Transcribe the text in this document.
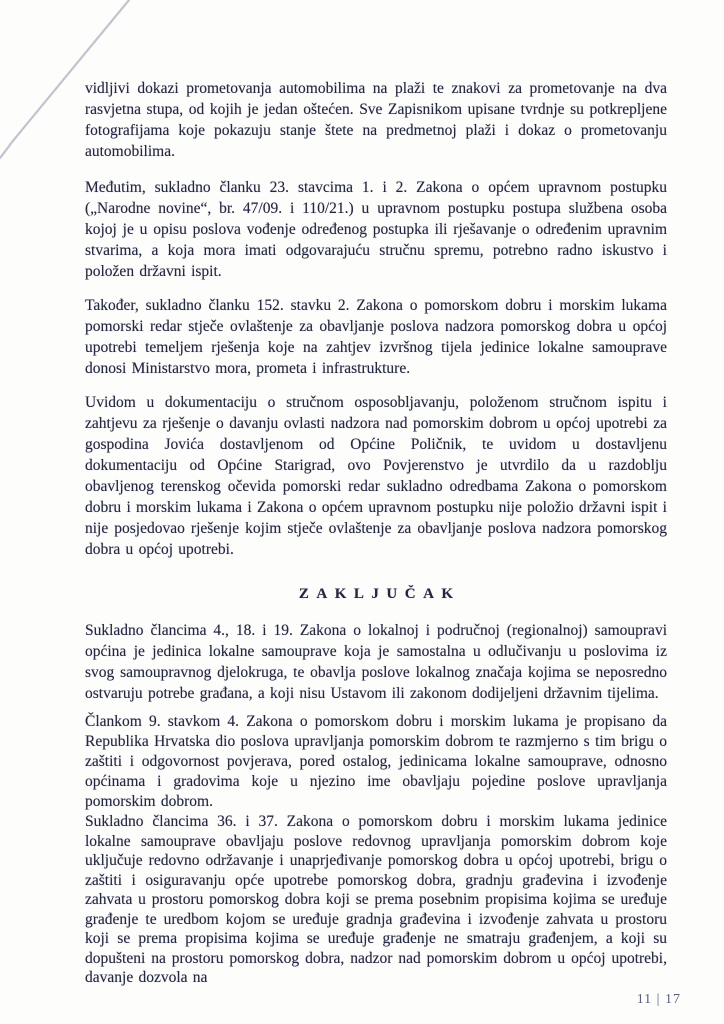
vidljivi dokazi prometovanja automobilima na plaži te znakovi za prometovanje na dva rasvjetna stupa, od kojih je jedan oštećen. Sve Zapisnikom upisane tvrdnje su potkrepljene fotografijama koje pokazuju stanje štete na predmetnoj plaži i dokaz o prometovanju automobilima.

Međutim, sukladno članku 23. stavcima 1. i 2. Zakona o općem upravnom postupku („Narodne novine“, br. 47/09. i 110/21.) u upravnom postupku postupa službena osoba kojoj je u opisu poslova vođenje određenog postupka ili rješavanje o određenim upravnim stvarima, a koja mora imati odgovarajuću stručnu spremu, potrebno radno iskustvo i položen državni ispit.

Također, sukladno članku 152. stavku 2. Zakona o pomorskom dobru i morskim lukama pomorski redar stječe ovlaštenje za obavljanje poslova nadzora pomorskog dobra u općoj upotrebi temeljem rješenja koje na zahtjev izvršnog tijela jedinice lokalne samouprave donosi Ministarstvo mora, prometa i infrastrukture.

Uvidom u dokumentaciju o stručnom osposobljavanju, položenom stručnom ispitu i zahtjevu za rješenje o davanju ovlasti nadzora nad pomorskim dobrom u općoj upotrebi za gospodina Jovića dostavljenom od Općine Poličnik, te uvidom u dostavljenu dokumentaciju od Općine Starigrad, ovo Povjerenstvo je utvrdilo da u razdoblju obavljenog terenskog očevida pomorski redar sukladno odredbama Zakona o pomorskom dobru i morskim lukama i Zakona o općem upravnom postupku nije položio državni ispit i nije posjedovao rješenje kojim stječe ovlaštenje za obavljanje poslova nadzora pomorskog dobra u općoj upotrebi.

ZAKLJUČAK

Sukladno člancima 4., 18. i 19. Zakona o lokalnoj i područnoj (regionalnoj) samoupravi općina je jedinica lokalne samouprave koja je samostalna u odlučivanju u poslovima iz svog samoupravnog djelokruga, te obavlja poslove lokalnog značaja kojima se neposredno ostvaruju potrebe građana, a koji nisu Ustavom ili zakonom dodijeljeni državnim tijelima.

Člankom 9. stavkom 4. Zakona o pomorskom dobru i morskim lukama je propisano da Republika Hrvatska dio poslova upravljanja pomorskim dobrom te razmjerno s tim brigu o zaštiti i odgovornost povjerava, pored ostalog, jedinicama lokalne samouprave, odnosno općinama i gradovima koje u njezino ime obavljaju pojedine poslove upravljanja pomorskim dobrom.

Sukladno člancima 36. i 37. Zakona o pomorskom dobru i morskim lukama jedinice lokalne samouprave obavljaju poslove redovnog upravljanja pomorskim dobrom koje uključuje redovno održavanje i unaprjeđivanje pomorskog dobra u općoj upotrebi, brigu o zaštiti i osiguravanju opće upotrebe pomorskog dobra, gradnju građevina i izvođenje zahvata u prostoru pomorskog dobra koji se prema posebnim propisima kojima se uređuje građenje te uredbom kojom se uređuje gradnja građevina i izvođenje zahvata u prostoru koji se prema propisima kojima se uređuje građenje ne smatraju građenjem, a koji su dopušteni na prostoru pomorskog dobra, nadzor nad pomorskim dobrom u općoj upotrebi, davanje dozvola na

11 | 17
